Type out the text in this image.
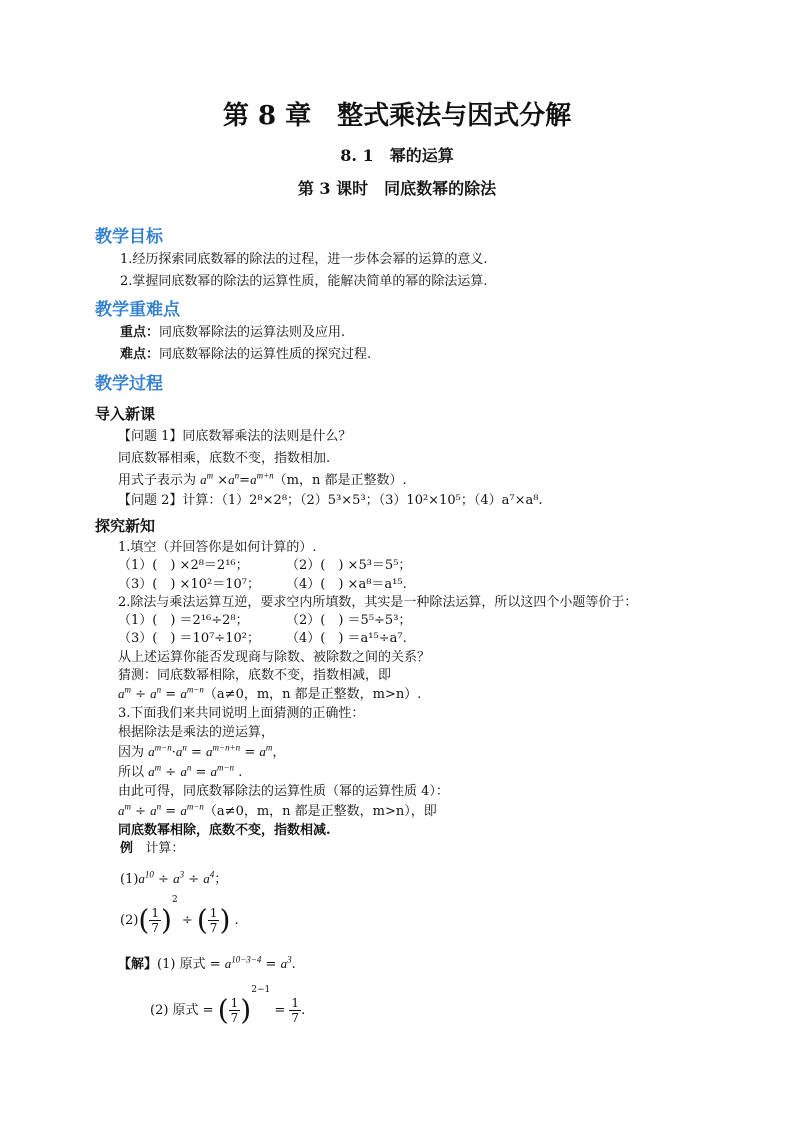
第 8 章　整式乘法与因式分解
8. 1　幂的运算
第 3 课时　同底数幂的除法
教学目标
1.经历探索同底数幂的除法的过程，进一步体会幂的运算的意义.
2.掌握同底数幂的除法的运算性质，能解决简单的幂的除法运算.
教学重难点
重点：同底数幂除法的运算法则及应用.
难点：同底数幂除法的运算性质的探究过程.
教学过程
导入新课
【问题 1】同底数幂乘法的法则是什么？
同底数幂相乘，底数不变，指数相加.
用式子表示为 $a^m \times a^n=a^{m+n}(m$，n 都是正整数）.
【问题 2】计算：（1）2⁸×2⁸；（2）5³×5³；（3）10²×10⁵；（4）a⁷×a⁸.
探究新知
1.填空（并回答你是如何计算的）.
（1）(　) ×2⁸＝2¹⁶；	（2）(　) ×5³＝5⁵；
（3）(　) ×10²＝10⁷； （4）(　) ×a⁸＝a¹⁵.
2.除法与乘法运算互逆，要求空内所填数，其实是一种除法运算，所以这四个小题等价于：
（1）(　) ＝2¹⁶÷2⁸；	（2）(　) ＝5⁵÷5³；
（3）(　) ＝10⁷÷10²； （4）(　) ＝a¹⁵÷a⁷.
从上述运算你能否发现商与除数、被除数之间的关系？
猜测：同底数幂相除，底数不变，指数相减，即
$a^m \div a^n = a^{m-n}(a\ne 0$，m，n 都是正整数，m>n）.
3.下面我们来共同说明上面猜测的正确性：
根据除法是乘法的逆运算，
因为 $a^{m-n}\cdot a^n = a^{m-n+n} = a^m$，
所以 $a^m \div a^n = a^{m-n}$ .
由此可得，同底数幂除法的运算性质（幂的运算性质 4）：
$a^m \div a^n = a^{m-n}(a\ne 0$，m，n 都是正整数，m>n），即
同底数幂相除，底数不变，指数相减.
例 计算：
$(1)a^{10} \div a^3 \div a^4$；
$(2)( \frac{1}{7} )^2$ ÷ ( $\frac{1}{7}$ ) .
【解】(1) 原式 = $a^{10-3-4} = a^3$.
(2) 原式 = ( $\frac{1}{7} )^{2-1} = \frac{1}{7}$ .
